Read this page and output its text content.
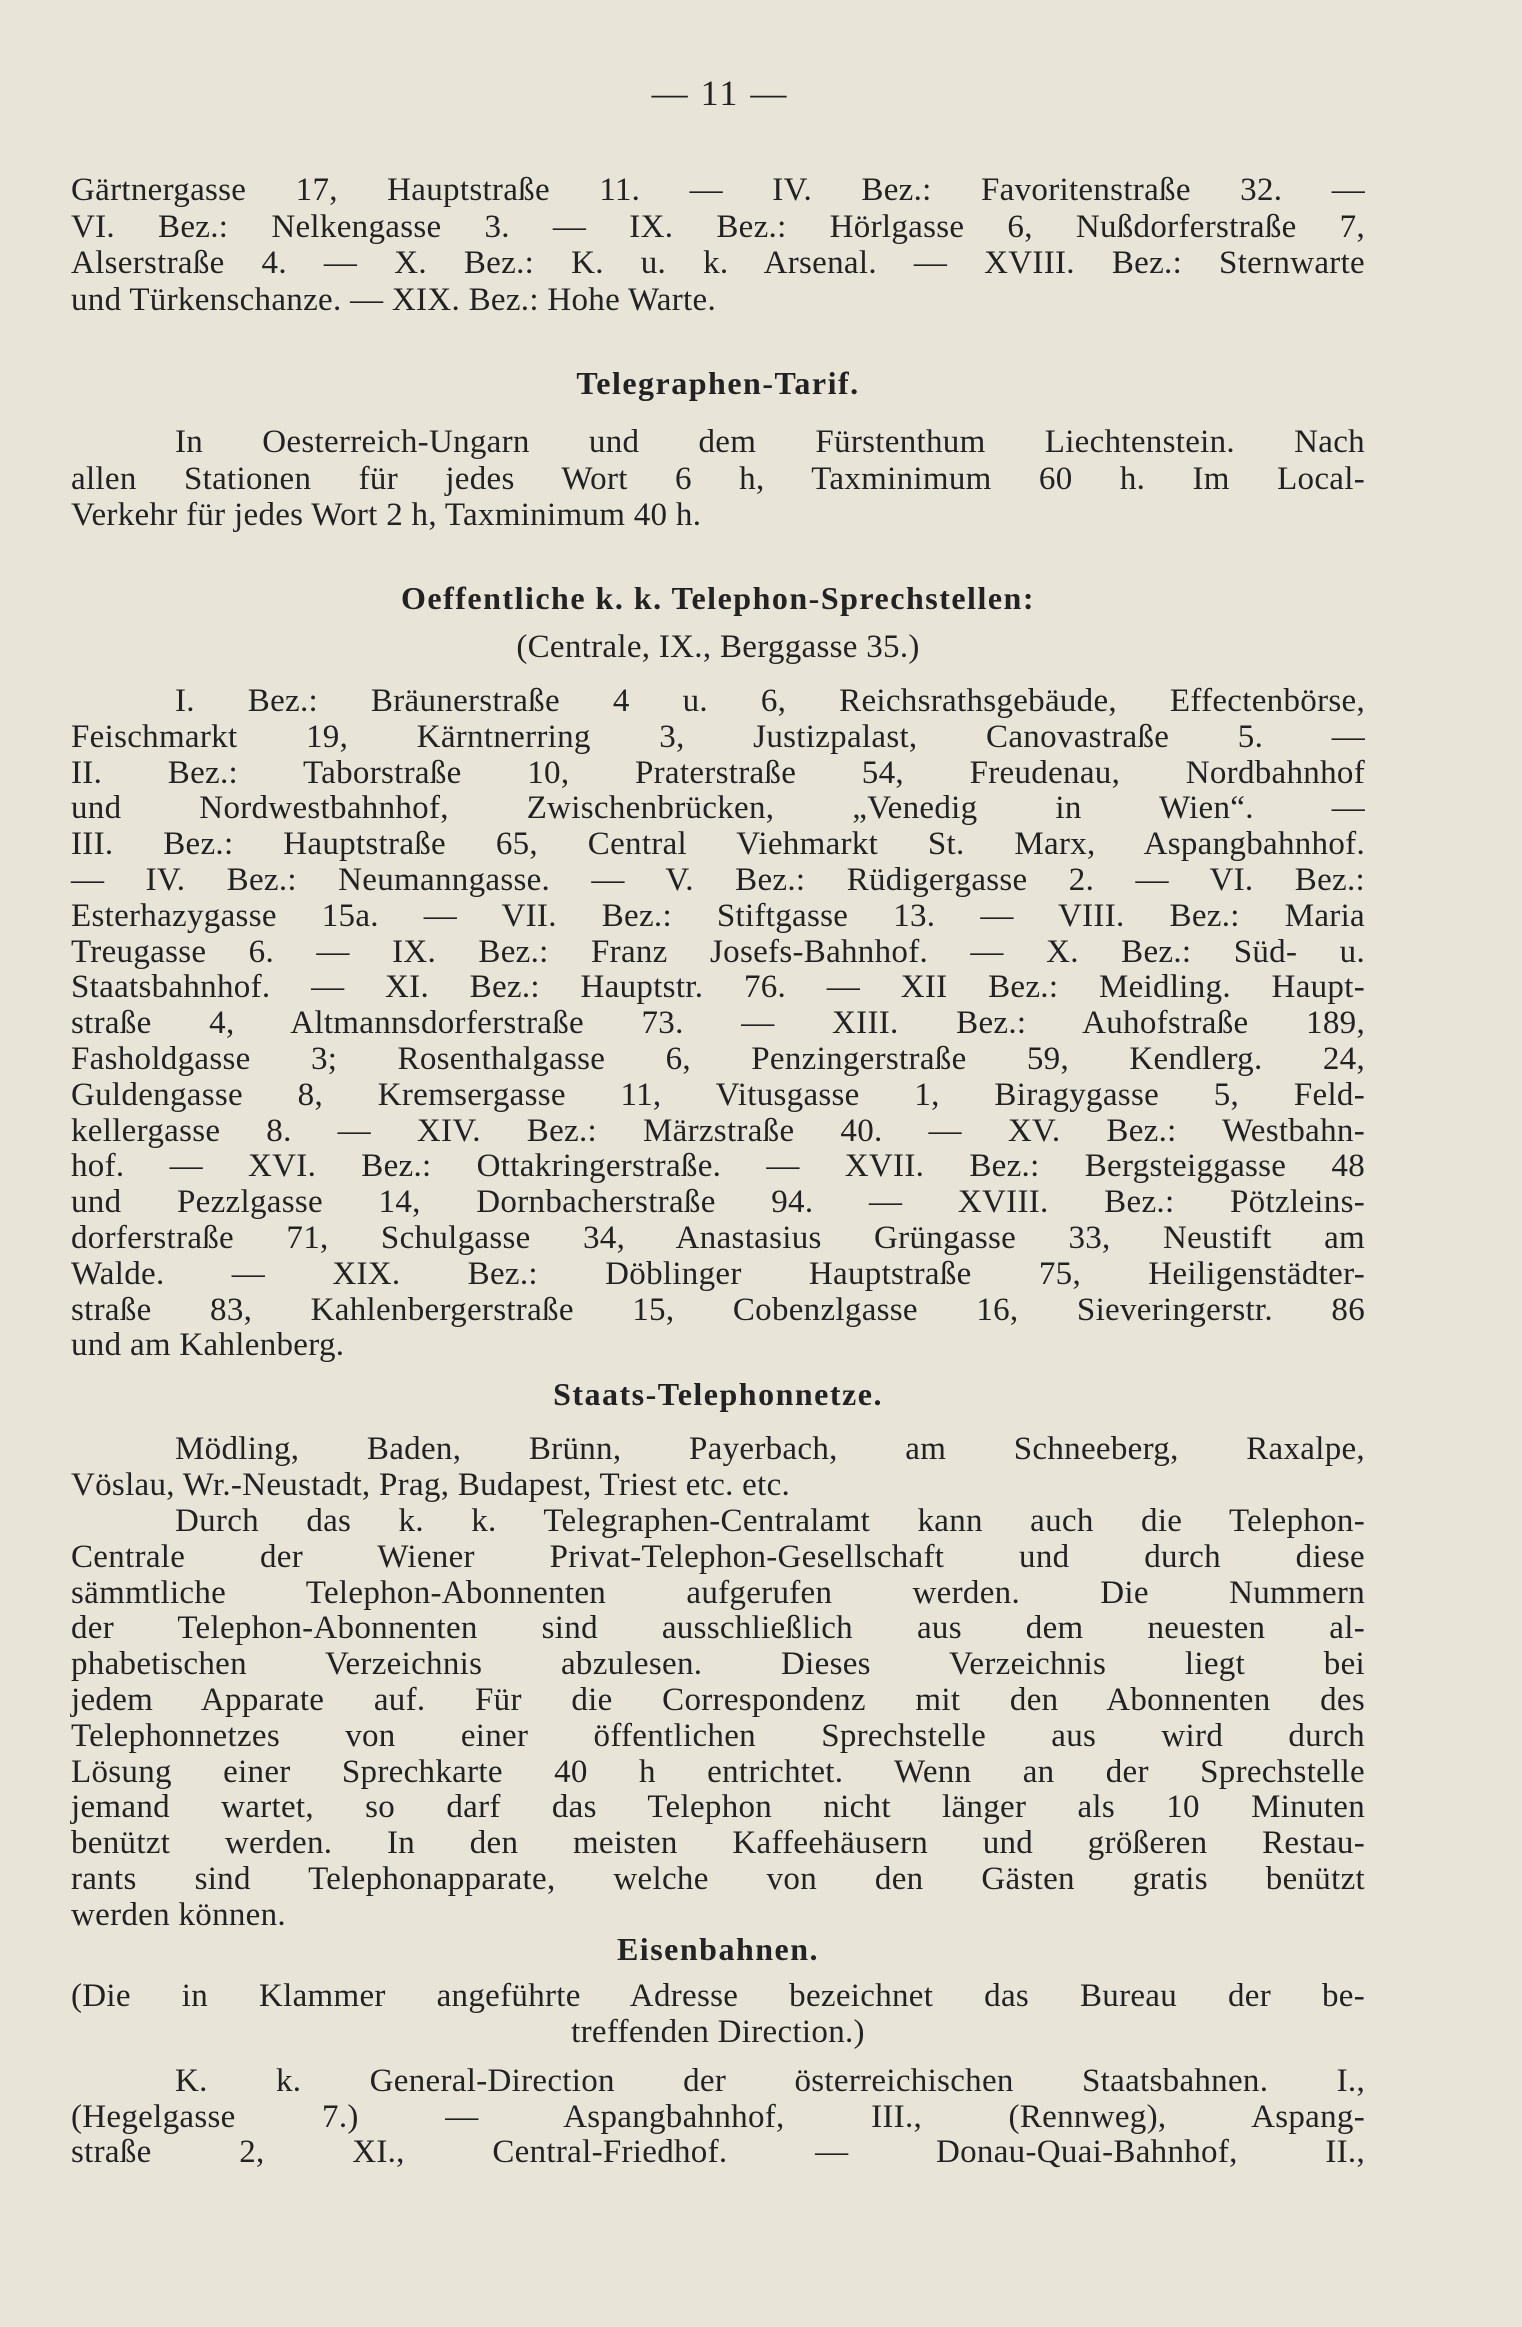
— 11 —
Gärtnergasse 17, Hauptstraße 11. — IV. Bez.: Favoritenstraße 32. —
VI. Bez.: Nelkengasse 3. — IX. Bez.: Hörlgasse 6, Nußdorferstraße 7,
Alserstraße 4. — X. Bez.: K. u. k. Arsenal. — XVIII. Bez.: Sternwarte
und Türkenschanze. — XIX. Bez.: Hohe Warte.
Telegraphen-Tarif.
In Oesterreich-Ungarn und dem Fürstenthum Liechtenstein. Nach
allen Stationen für jedes Wort 6 h, Taxminimum 60 h. Im Local-
Verkehr für jedes Wort 2 h, Taxminimum 40 h.
Oeffentliche k. k. Telephon-Sprechstellen:
(Centrale, IX., Berggasse 35.)
I. Bez.: Bräunerstraße 4 u. 6, Reichsrathsgebäude, Effectenbörse,
Feischmarkt 19, Kärntnerring 3, Justizpalast, Canovastraße 5. —
II. Bez.: Taborstraße 10, Praterstraße 54, Freudenau, Nordbahnhof
und Nordwestbahnhof, Zwischenbrücken, „Venedig in Wien“. —
III. Bez.: Hauptstraße 65, Central Viehmarkt St. Marx, Aspangbahnhof.
— IV. Bez.: Neumanngasse. — V. Bez.: Rüdigergasse 2. — VI. Bez.:
Esterhazygasse 15a. — VII. Bez.: Stiftgasse 13. — VIII. Bez.: Maria
Treugasse 6. — IX. Bez.: Franz Josefs-Bahnhof. — X. Bez.: Süd- u.
Staatsbahnhof. — XI. Bez.: Hauptstr. 76. — XII Bez.: Meidling. Haupt-
straße 4, Altmannsdorferstraße 73. — XIII. Bez.: Auhofstraße 189,
Fasholdgasse 3; Rosenthalgasse 6, Penzingerstraße 59, Kendlerg. 24,
Guldengasse 8, Kremsergasse 11, Vitusgasse 1, Biragygasse 5, Feld-
kellergasse 8. — XIV. Bez.: Märzstraße 40. — XV. Bez.: Westbahn-
hof. — XVI. Bez.: Ottakringerstraße. — XVII. Bez.: Bergsteiggasse 48
und Pezzlgasse 14, Dornbacherstraße 94. — XVIII. Bez.: Pötzleins-
dorferstraße 71, Schulgasse 34, Anastasius Grüngasse 33, Neustift am
Walde. — XIX. Bez.: Döblinger Hauptstraße 75, Heiligenstädter-
straße 83, Kahlenbergerstraße 15, Cobenzlgasse 16, Sieveringerstr. 86
und am Kahlenberg.
Staats-Telephonnetze.
Mödling, Baden, Brünn, Payerbach, am Schneeberg, Raxalpe,
Vöslau, Wr.-Neustadt, Prag, Budapest, Triest etc. etc.
Durch das k. k. Telegraphen-Centralamt kann auch die Telephon-
Centrale der Wiener Privat-Telephon-Gesellschaft und durch diese
sämmtliche Telephon-Abonnenten aufgerufen werden. Die Nummern
der Telephon-Abonnenten sind ausschließlich aus dem neuesten al-
phabetischen Verzeichnis abzulesen. Dieses Verzeichnis liegt bei
jedem Apparate auf. Für die Correspondenz mit den Abonnenten des
Telephonnetzes von einer öffentlichen Sprechstelle aus wird durch
Lösung einer Sprechkarte 40 h entrichtet. Wenn an der Sprechstelle
jemand wartet, so darf das Telephon nicht länger als 10 Minuten
benützt werden. In den meisten Kaffeehäusern und größeren Restau-
rants sind Telephonapparate, welche von den Gästen gratis benützt
werden können.
Eisenbahnen.
(Die in Klammer angeführte Adresse bezeichnet das Bureau der be-
treffenden Direction.)
K. k. General-Direction der österreichischen Staatsbahnen. I.,
(Hegelgasse 7.) — Aspangbahnhof, III., (Rennweg), Aspang-
straße 2, XI., Central-Friedhof. — Donau-Quai-Bahnhof, II.,
